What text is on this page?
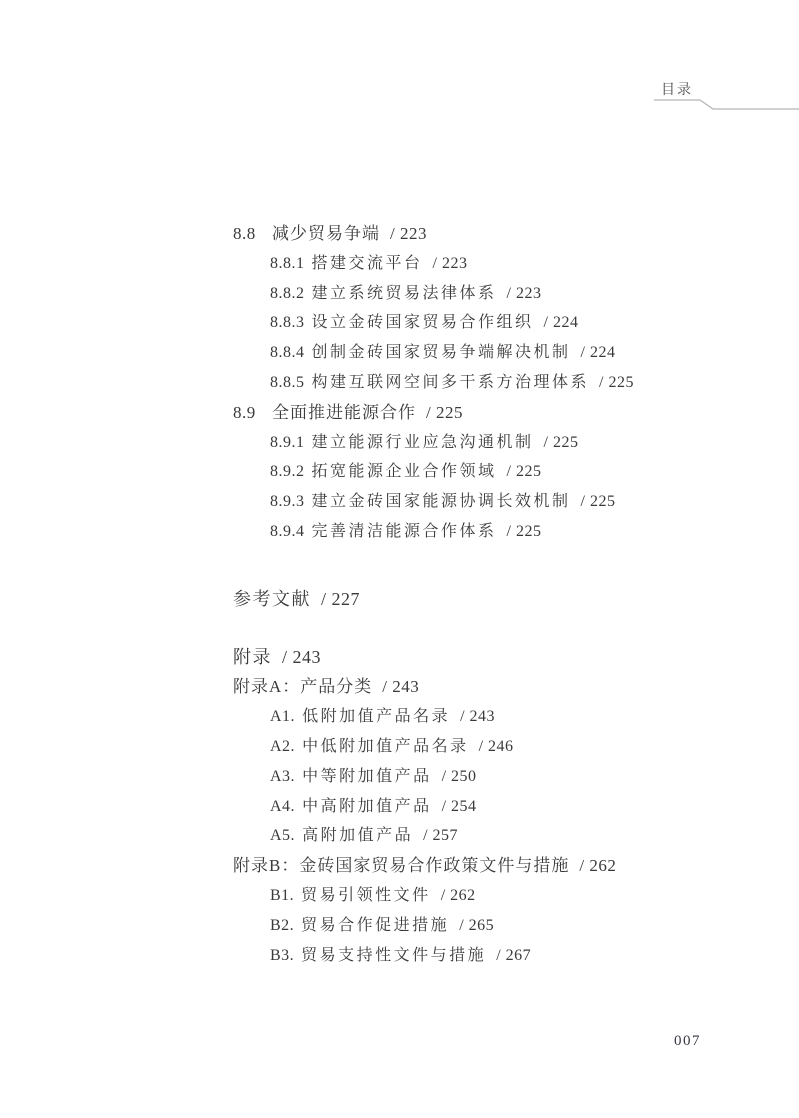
目录
8.8 减少贸易争端 / 223
8.8.1 搭建交流平台 / 223
8.8.2 建立系统贸易法律体系 / 223
8.8.3 设立金砖国家贸易合作组织 / 224
8.8.4 创制金砖国家贸易争端解决机制 / 224
8.8.5 构建互联网空间多干系方治理体系 / 225
8.9 全面推进能源合作 / 225
8.9.1 建立能源行业应急沟通机制 / 225
8.9.2 拓宽能源企业合作领域 / 225
8.9.3 建立金砖国家能源协调长效机制 / 225
8.9.4 完善清洁能源合作体系 / 225
参考文献 / 227
附录 / 243
附录A：产品分类 / 243
A1. 低附加值产品名录 / 243
A2. 中低附加值产品名录 / 246
A3. 中等附加值产品 / 250
A4. 中高附加值产品 / 254
A5. 高附加值产品 / 257
附录B：金砖国家贸易合作政策文件与措施 / 262
B1. 贸易引领性文件 / 262
B2. 贸易合作促进措施 / 265
B3. 贸易支持性文件与措施 / 267
007
